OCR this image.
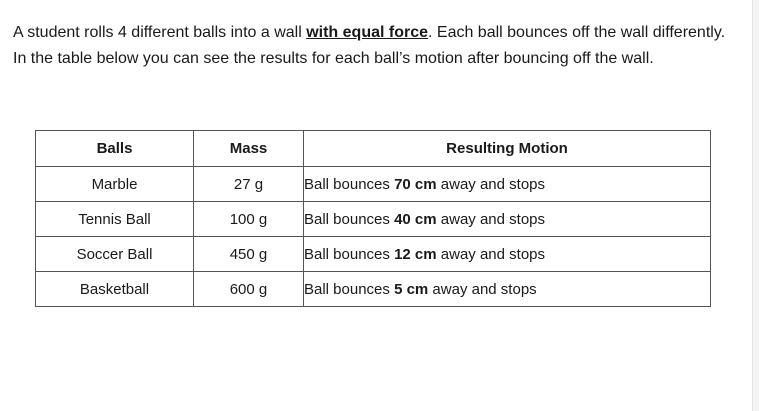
A student rolls 4 different balls into a wall with equal force. Each ball bounces off the wall differently. In the table below you can see the results for each ball’s motion after bouncing off the wall.

Balls	Mass	Resulting Motion
Marble	27 g	Ball bounces 70 cm away and stops
Tennis Ball	100 g	Ball bounces 40 cm away and stops
Soccer Ball	450 g	Ball bounces 12 cm away and stops
Basketball	600 g	Ball bounces 5 cm away and stops
